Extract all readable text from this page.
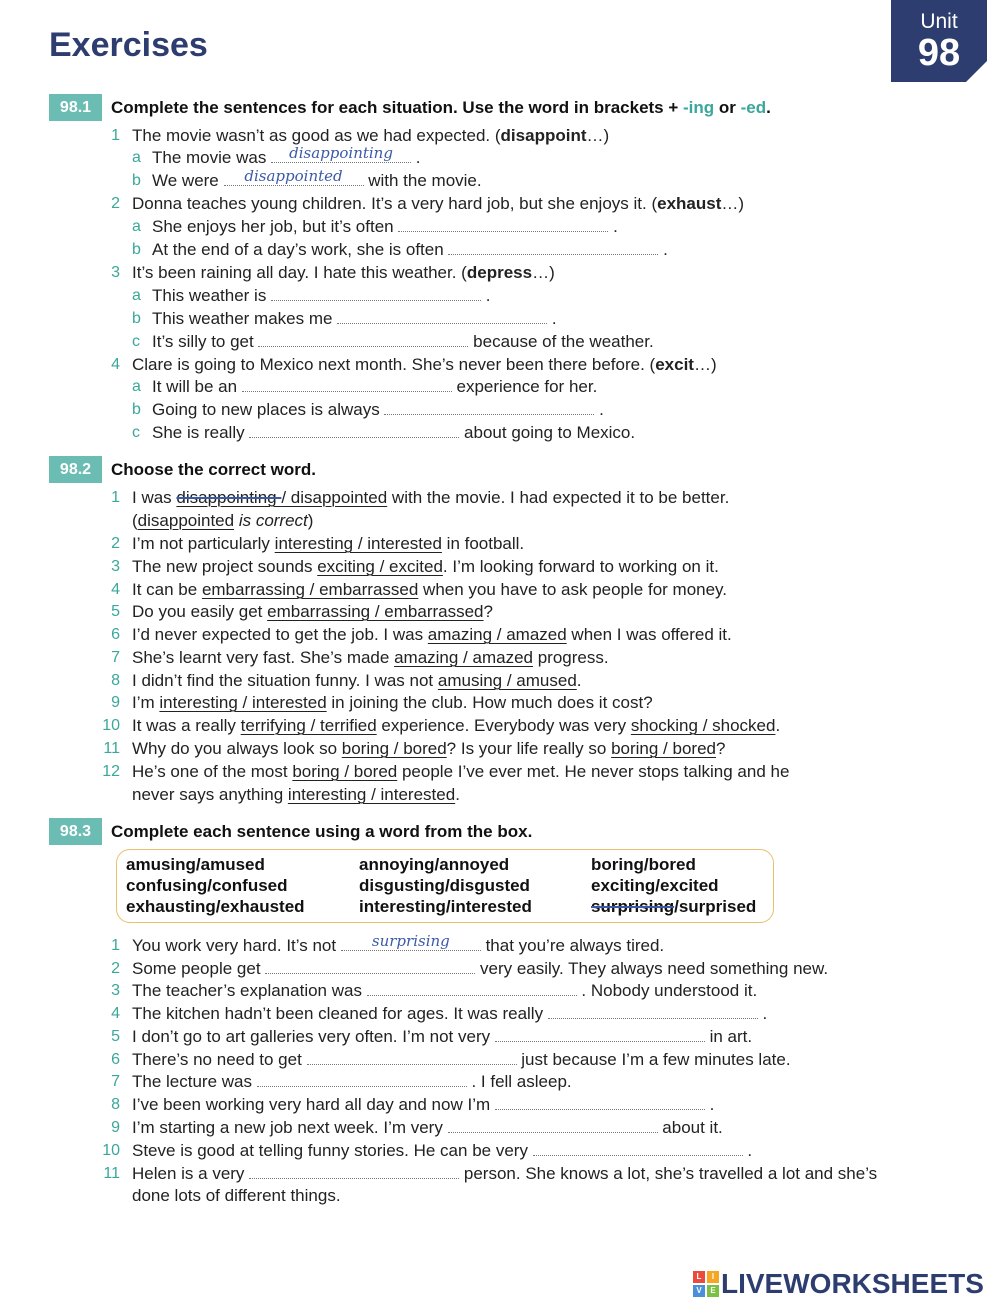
Unit
98
Exercises
98.1	Complete the sentences for each situation. Use the word in brackets + -ing or -ed.
1 The movie wasn’t as good as we had expected. (disappoint…)
a The movie was	disappointing	.
b We were	disappointed	with the movie.
2 Donna teaches young children. It’s a very hard job, but she enjoys it. (exhaust…)
a She enjoys her job, but it’s often	.
b At the end of a day’s work, she is often	.
3 It’s been raining all day. I hate this weather. (depress…)
a This weather is	.
b This weather makes me	.
c It’s silly to get	because of the weather.
4 Clare is going to Mexico next month. She’s never been there before. (excit…)
a It will be an	experience for her.
b Going to new places is always	.
c She is really	about going to Mexico.
98.2	Choose the correct word.
1 I was disappointing / disappointed with the movie. I had expected it to be better.
(disappointed is correct)
2 I’m not particularly interesting / interested in football.
3 The new project sounds exciting / excited. I’m looking forward to working on it.
4 It can be embarrassing / embarrassed when you have to ask people for money.
5 Do you easily get embarrassing / embarrassed?
6 I’d never expected to get the job. I was amazing / amazed when I was offered it.
7 She’s learnt very fast. She’s made amazing / amazed progress.
8 I didn’t find the situation funny. I was not amusing / amused.
9 I’m interesting / interested in joining the club. How much does it cost?
10 It was a really terrifying / terrified experience. Everybody was very shocking / shocked.
11 Why do you always look so boring / bored? Is your life really so boring / bored?
12 He’s one of the most boring / bored people I’ve ever met. He never stops talking and he
never says anything interesting / interested.
98.3	Complete each sentence using a word from the box.
amusing/amused	annoying/annoyed	boring/bored
confusing/confused	disgusting/disgusted	exciting/excited
exhausting/exhausted	interesting/interested	surprising/surprised
1 You work very hard. It’s not	surprising	that you’re always tired.
2 Some people get	very easily. They always need something new.
3 The teacher’s explanation was	. Nobody understood it.
4 The kitchen hadn’t been cleaned for ages. It was really	.
5 I don’t go to art galleries very often. I’m not very	in art.
6 There’s no need to get	just because I’m a few minutes late.
7 The lecture was	. I fell asleep.
8 I’ve been working very hard all day and now I’m	.
9 I’m starting a new job next week. I’m very	about it.
10 Steve is good at telling funny stories. He can be very	.
11 Helen is a very	person. She knows a lot, she’s travelled a lot and she’s
done lots of different things.
L	I
V	E LIVEWORKSHEETS
